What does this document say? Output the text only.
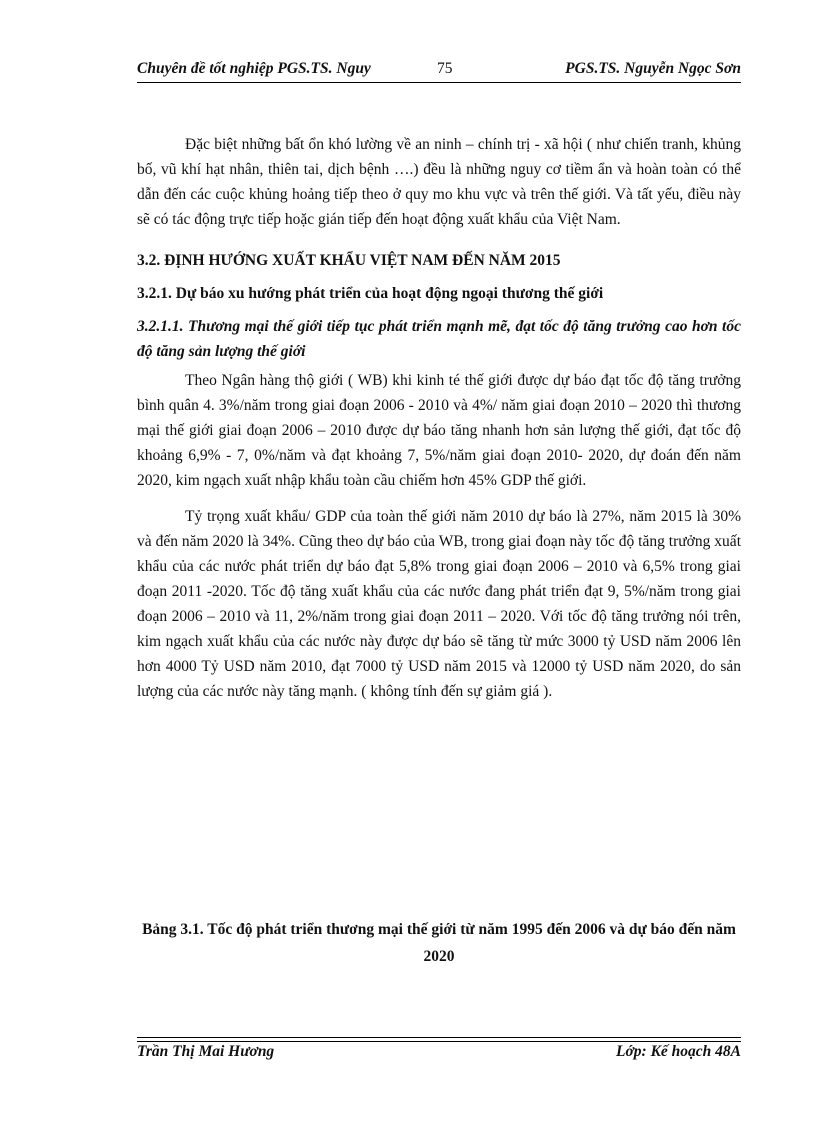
Chuyên đề tốt nghiệp PGS.TS. Nguy	75	PGS.TS. Nguyễn Ngọc Sơn

Đặc biệt những bất ổn khó lường về an ninh – chính trị - xã hội ( như chiến tranh, khủng bố, vũ khí hạt nhân, thiên tai, dịch bệnh ….) đều là những nguy cơ tiềm ẩn và hoàn toàn có thể dẫn đến các cuộc khủng hoảng tiếp theo ở quy mo khu vực và trên thế giới. Và tất yếu, điều này sẽ có tác động trực tiếp hoặc gián tiếp đến hoạt động xuất khẩu của Việt Nam.

3.2. ĐỊNH HƯỚNG XUẤT KHẨU VIỆT NAM ĐẾN NĂM 2015

3.2.1. Dự báo xu hướng phát triển của hoạt động ngoại thương thế giới

3.2.1.1. Thương mại thế giới tiếp tục phát triển mạnh mẽ, đạt tốc độ tăng trưởng cao hơn tốc độ tăng sản lượng thế giới

Theo Ngân hàng thộ giới ( WB) khi kinh té thế giới được dự báo đạt tốc độ tăng trưởng bình quân 4. 3%/năm trong giai đoạn 2006 - 2010 và 4%/ năm giai đoạn 2010 – 2020 thì thương mại thế giới giai đoạn 2006 – 2010 được dự báo tăng nhanh hơn sản lượng thế giới, đạt tốc độ khoảng 6,9% - 7, 0%/năm và đạt khoảng 7, 5%/năm giai đoạn 2010- 2020, dự đoán đến năm 2020, kim ngạch xuất nhập khẩu toàn cầu chiếm hơn 45% GDP thế giới.

Tỷ trọng xuất khẩu/ GDP của toàn thế giới năm 2010 dự báo là 27%, năm 2015 là 30% và đến năm 2020 là 34%. Cũng theo dự báo của WB, trong giai đoạn này tốc độ tăng trưởng xuất khẩu của các nước phát triển dự báo đạt 5,8% trong giai đoạn 2006 – 2010 và 6,5% trong giai đoạn 2011 -2020. Tốc độ tăng xuất khẩu của các nước đang phát triển đạt 9, 5%/năm trong giai đoạn 2006 – 2010 và 11, 2%/năm trong giai đoạn 2011 – 2020. Với tốc độ tăng trưởng nói trên, kim ngạch xuất khẩu của các nước này được dự báo sẽ tăng từ mức 3000 tỷ USD năm 2006 lên hơn 4000 Tỷ USD năm 2010, đạt 7000 tỷ USD năm 2015 và 12000 tỷ USD năm 2020, do sản lượng của các nước này tăng mạnh. ( không tính đến sự giảm giá ).

Bảng 3.1. Tốc độ phát triển thương mại thế giới từ năm 1995 đến 2006 và dự báo đến năm 2020
Trần Thị Mai Hương	Lớp: Kế hoạch 48A
